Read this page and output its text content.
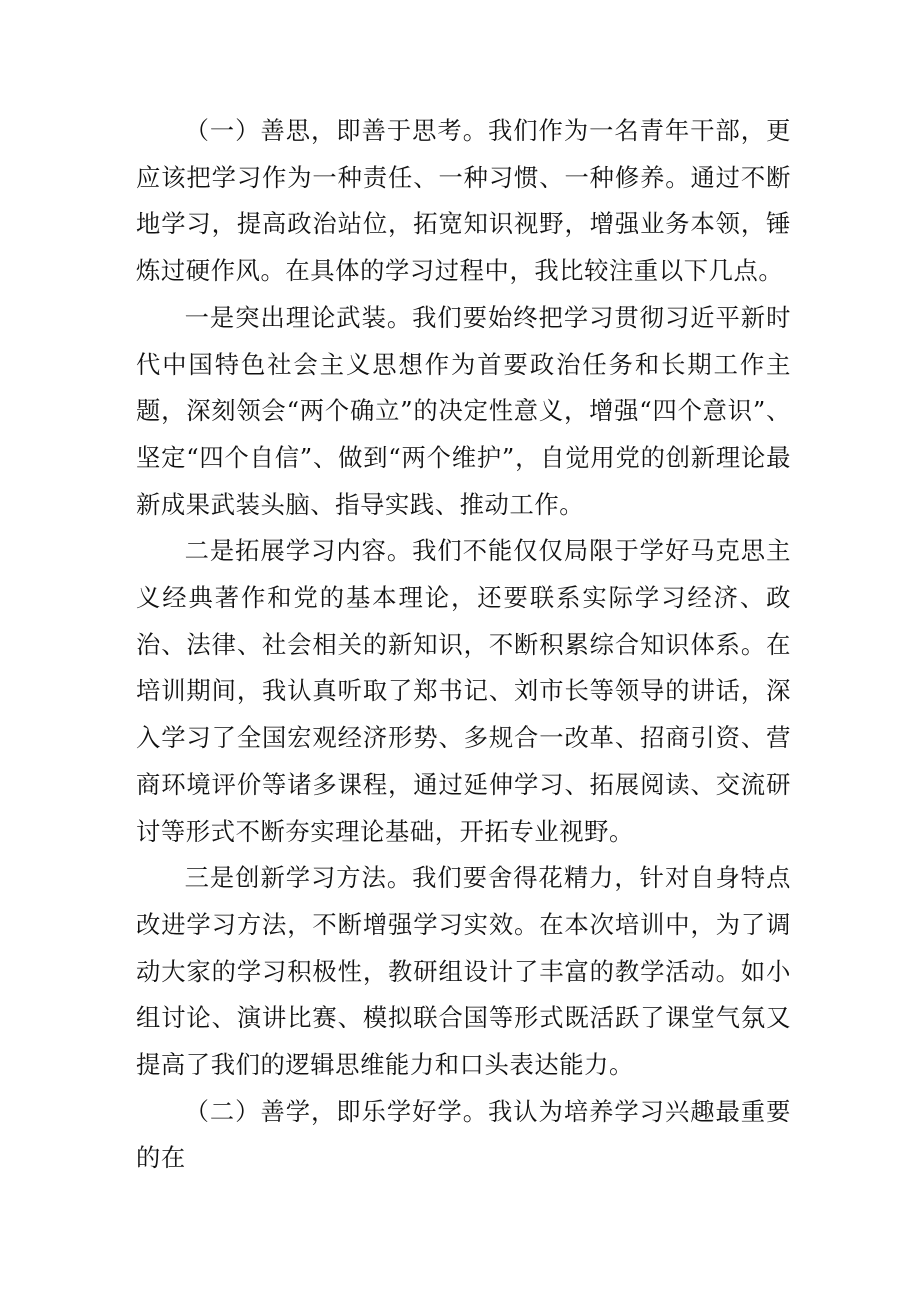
（一）善思，即善于思考。我们作为一名青年干部，更应该把学习作为一种责任、一种习惯、一种修养。通过不断地学习，提高政治站位，拓宽知识视野，增强业务本领，锤炼过硬作风。在具体的学习过程中，我比较注重以下几点。

一是突出理论武装。我们要始终把学习贯彻习近平新时代中国特色社会主义思想作为首要政治任务和长期工作主题，深刻领会“两个确立”的决定性意义，增强“四个意识”、坚定“四个自信”、做到“两个维护”，自觉用党的创新理论最新成果武装头脑、指导实践、推动工作。

二是拓展学习内容。我们不能仅仅局限于学好马克思主义经典著作和党的基本理论，还要联系实际学习经济、政治、法律、社会相关的新知识，不断积累综合知识体系。在培训期间，我认真听取了郑书记、刘市长等领导的讲话，深入学习了全国宏观经济形势、多规合一改革、招商引资、营商环境评价等诸多课程，通过延伸学习、拓展阅读、交流研讨等形式不断夯实理论基础，开拓专业视野。

三是创新学习方法。我们要舍得花精力，针对自身特点改进学习方法，不断增强学习实效。在本次培训中，为了调动大家的学习积极性，教研组设计了丰富的教学活动。如小组讨论、演讲比赛、模拟联合国等形式既活跃了课堂气氛又提高了我们的逻辑思维能力和口头表达能力。

（二）善学，即乐学好学。我认为培养学习兴趣最重要的在
